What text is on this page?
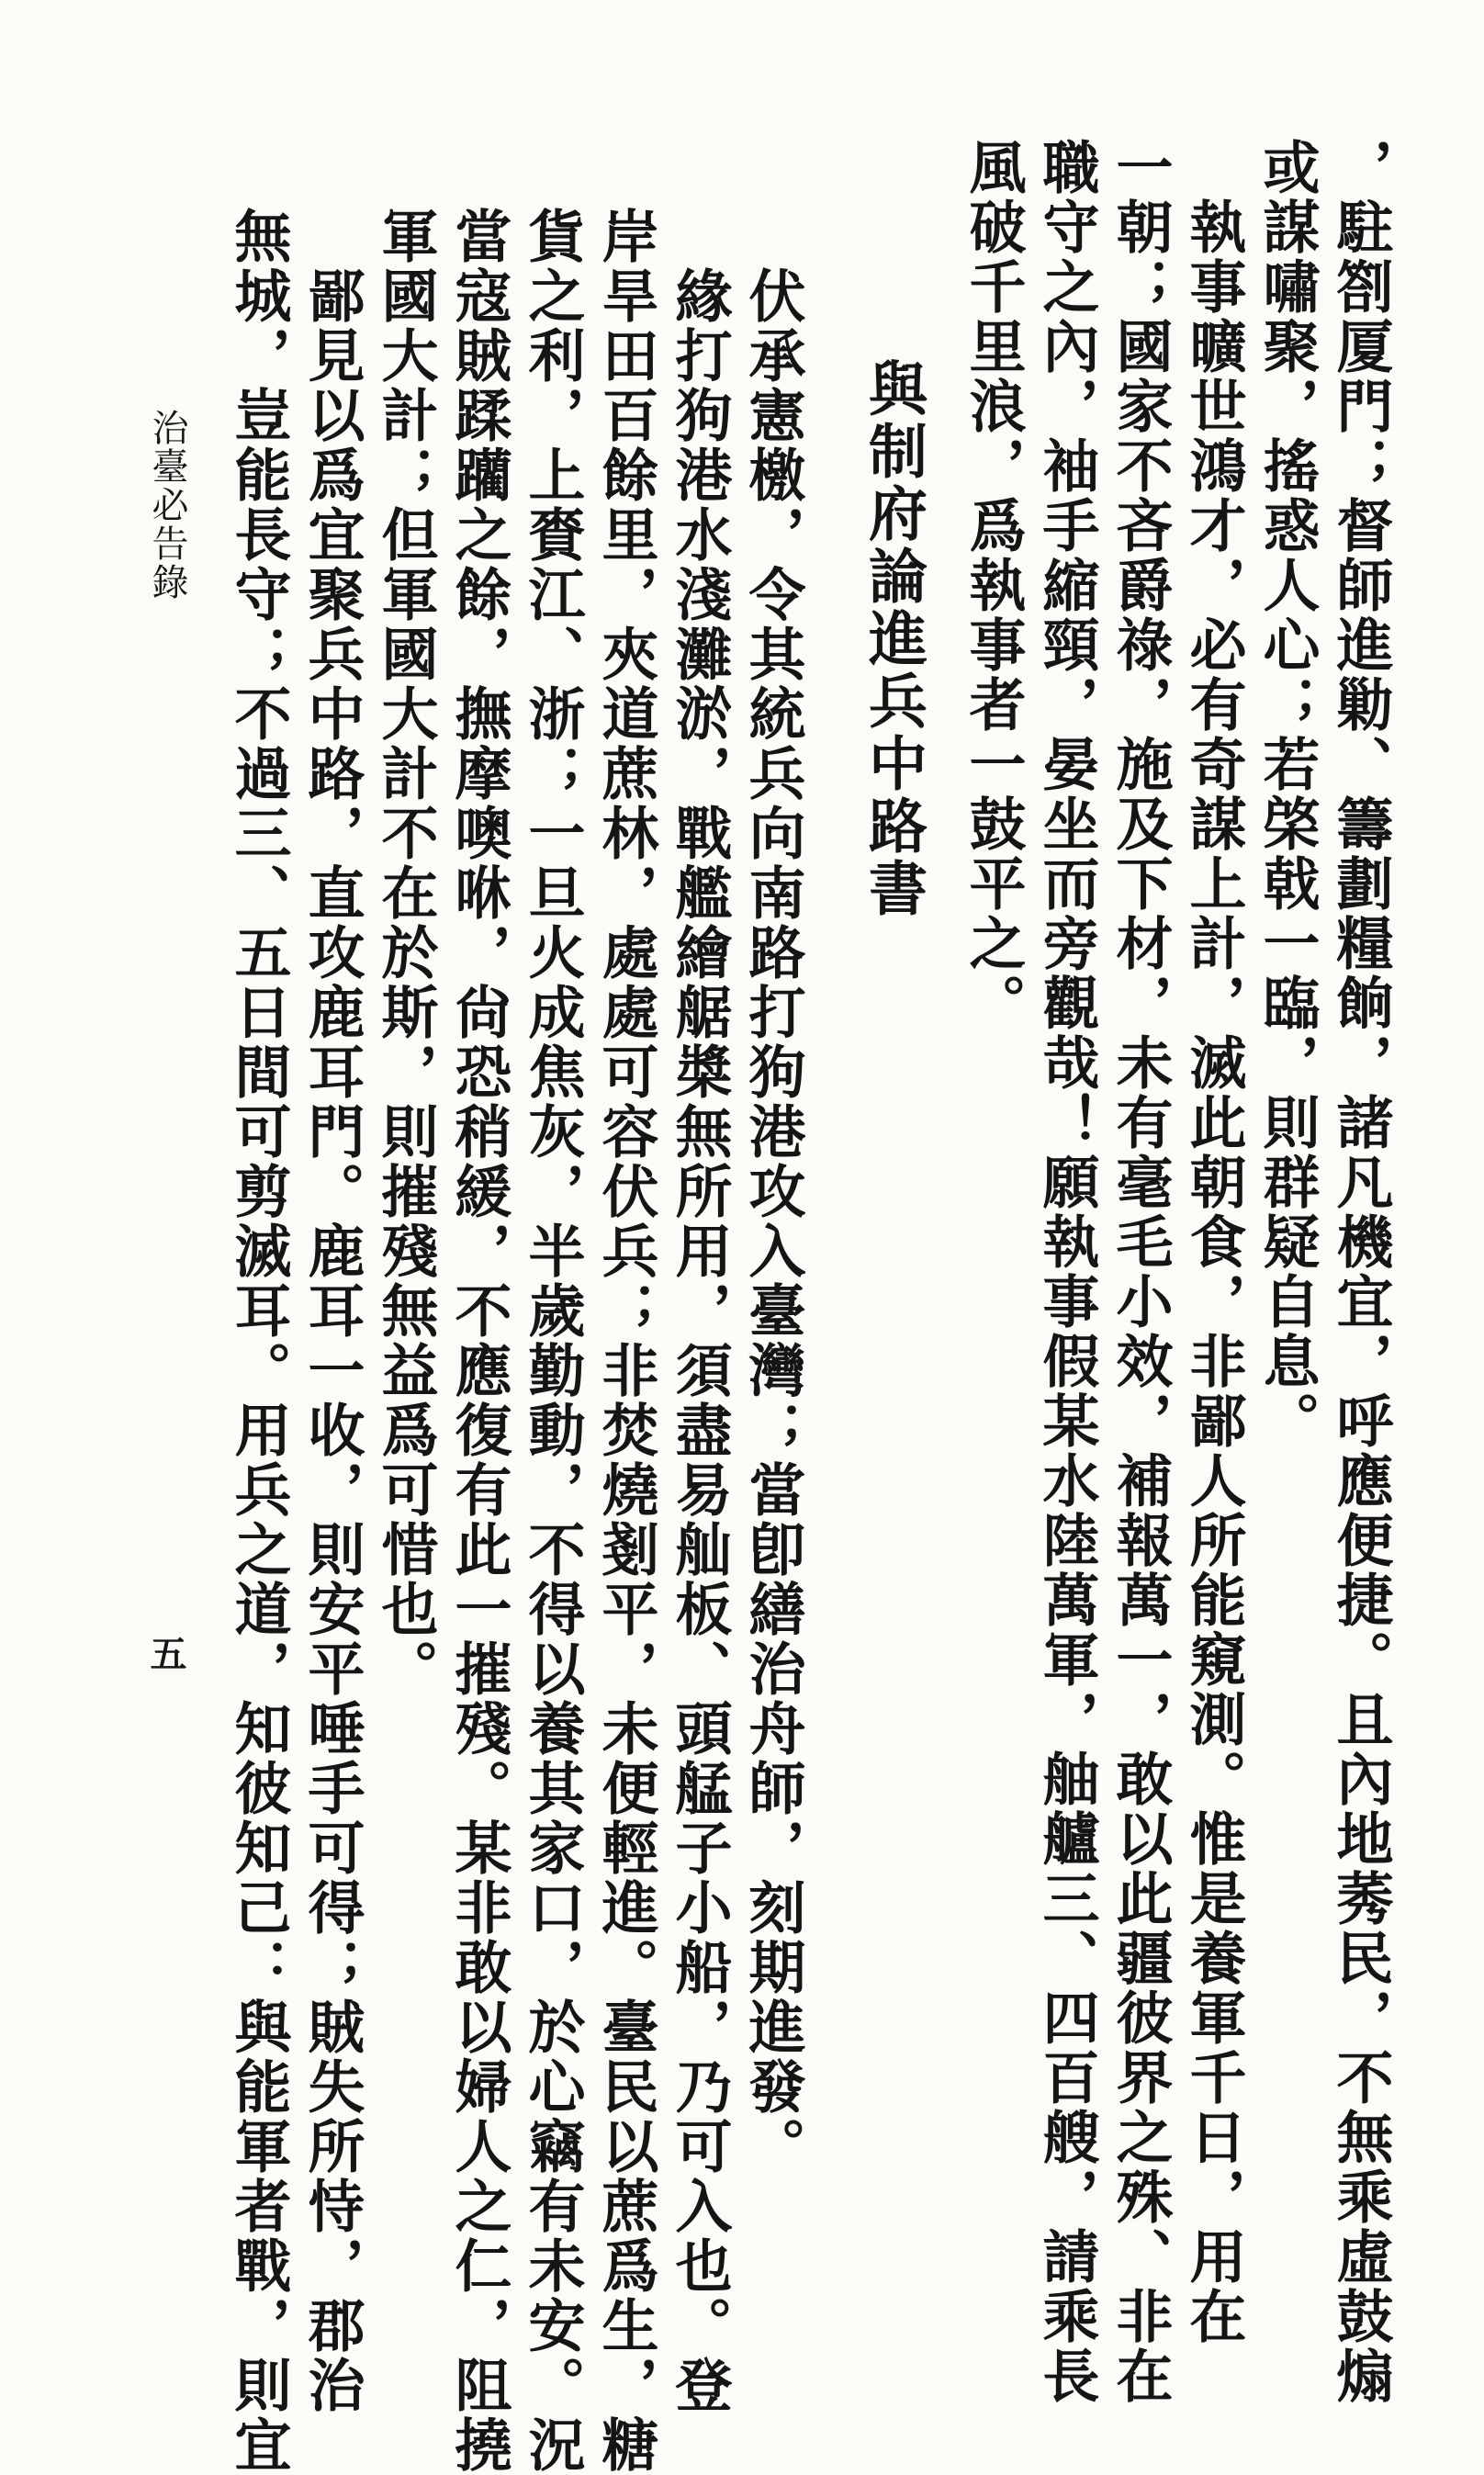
，駐劄厦門；督師進勦、籌劃糧餉，諸凡機宜，呼應便捷。且內地莠民，不無乘虛鼓煽
或謀嘯聚，搖惑人心；若棨戟一臨，則群疑自息。
執事曠世鴻才，必有奇謀上計，滅此朝食，非鄙人所能窺測。惟是養軍千日，用在
一朝；國家不吝爵祿，施及下材，未有毫毛小效，補報萬一，敢以此疆彼界之殊、非在
職守之內，袖手縮頸，晏坐而旁觀哉！願執事假某水陸萬軍，舳艫三、四百艘，請乘長
風破千里浪，爲執事者一鼓平之。
與制府論進兵中路書
伏承憲檄，令其統兵向南路打狗港攻入臺灣；當卽繕治舟師，刻期進發。
緣打狗港水淺灘淤，戰艦繪艍槳無所用，須盡易舢板、頭艋子小船，乃可入也。登
岸旱田百餘里，夾道蔗林，處處可容伏兵；非焚燒剗平，未便輕進。臺民以蔗爲生，糖
貨之利，上賚江、浙；一旦火成焦灰，半歲勤動，不得以養其家口，於心竊有未安。況
當寇賊蹂躪之餘，撫摩噢咻，尙恐稍緩，不應復有此一摧殘。某非敢以婦人之仁，阻撓
軍國大計；但軍國大計不在於斯，則摧殘無益爲可惜也。
鄙見以爲宜聚兵中路，直攻鹿耳門。鹿耳一收，則安平唾手可得；賊失所恃，郡治
無城，豈能長守；不過三、五日間可剪滅耳。用兵之道，知彼知己：與能軍者戰，則宜
治臺必告錄
五
